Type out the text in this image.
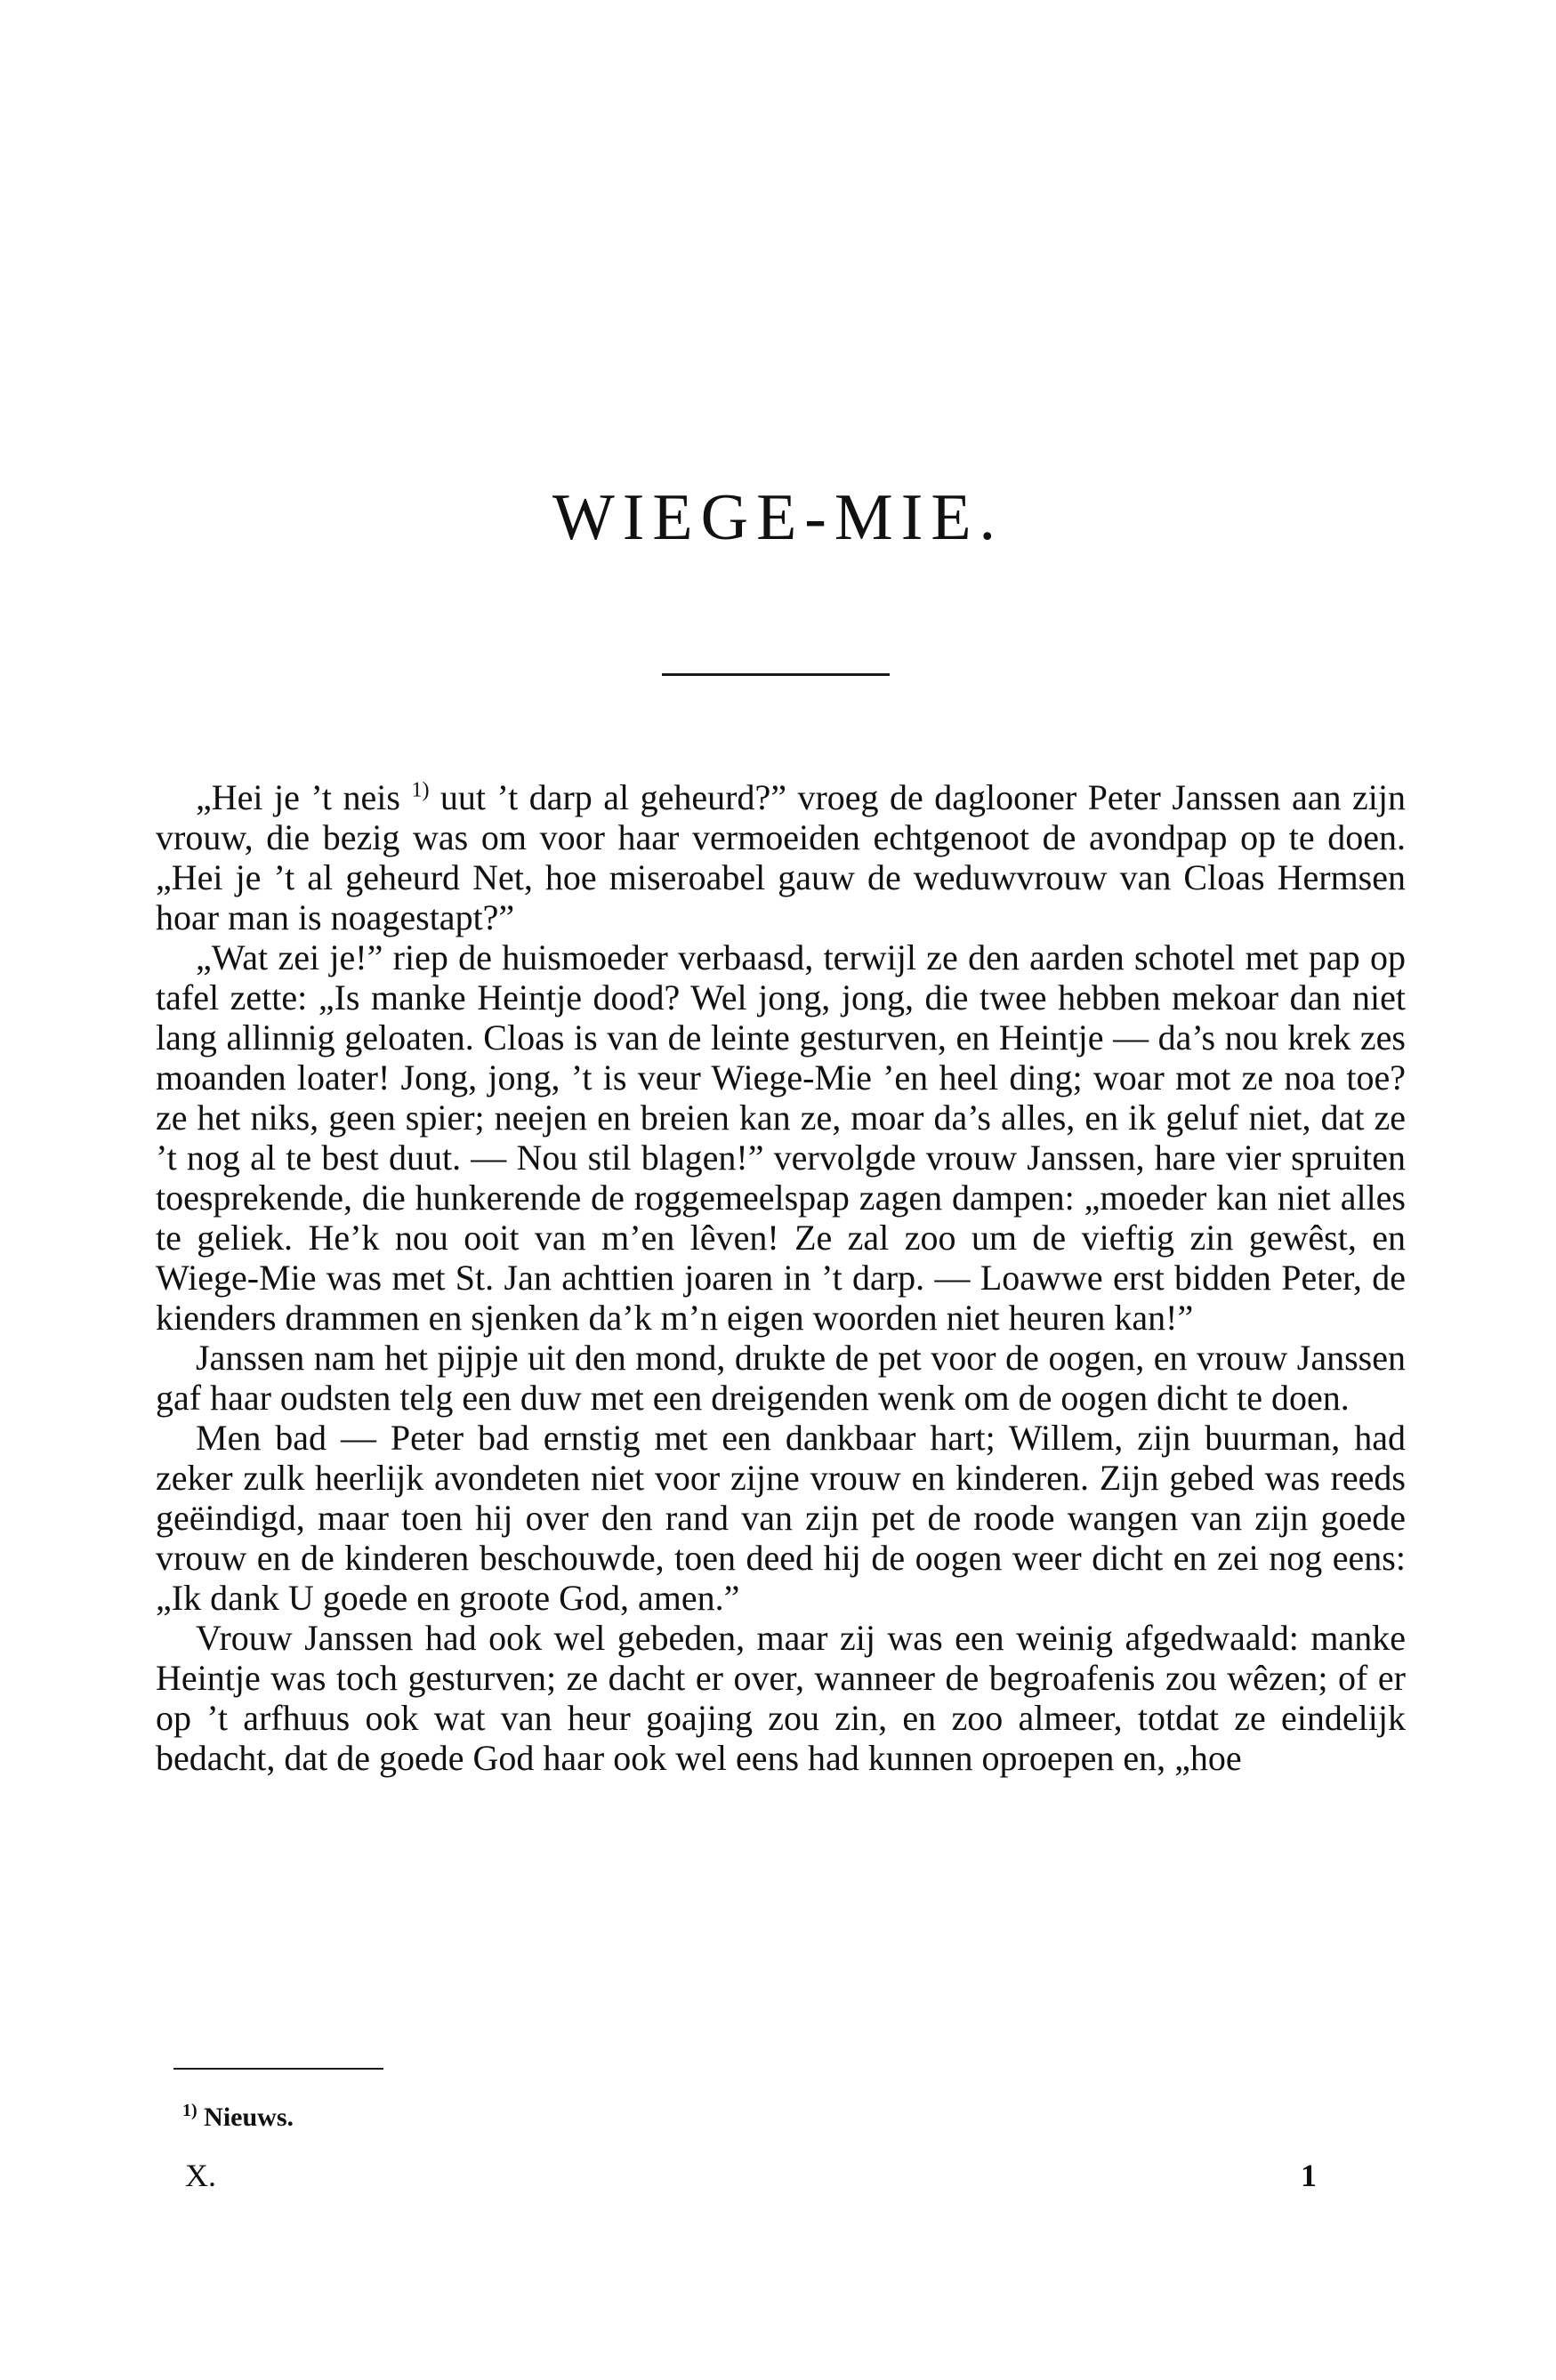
WIEGE-MIE.

„Hei je ’t neis $^{1)}$ uut ’t darp al geheurd?” vroeg de daglooner Peter Janssen aan zijn vrouw, die bezig was om voor haar vermoeiden echtgenoot de avondpap op te doen. „Hei je ’t al geheurd Net, hoe miseroabel gauw de weduwvrouw van Cloas Hermsen hoar man is noagestapt?”

„Wat zei je!” riep de huismoeder verbaasd, terwijl ze den aarden schotel met pap op tafel zette: „Is manke Heintje dood? Wel jong, jong, die twee hebben mekoar dan niet lang allinnig geloaten. Cloas is van de leinte gesturven, en Heintje — da’s nou krek zes moanden loater! Jong, jong, ’t is veur Wiege-Mie ’en heel ding; woar mot ze noa toe? ze het niks, geen spier; neejen en breien kan ze, moar da’s alles, en ik geluf niet, dat ze ’t nog al te best duut. — Nou stil blagen!” vervolgde vrouw Janssen, hare vier spruiten toesprekende, die hunkerende de roggemeelspap zagen dampen: „moeder kan niet alles te geliek. He’k nou ooit van m’en lêven! Ze zal zoo um de vieftig zin gewêst, en Wiege-Mie was met St. Jan achttien joaren in ’t darp. — Loawwe erst bidden Peter, de kienders drammen en sjenken da’k m’n eigen woorden niet heuren kan!”

Janssen nam het pijpje uit den mond, drukte de pet voor de oogen, en vrouw Janssen gaf haar oudsten telg een duw met een dreigenden wenk om de oogen dicht te doen.

Men bad — Peter bad ernstig met een dankbaar hart; Willem, zijn buurman, had zeker zulk heerlijk avondeten niet voor zijne vrouw en kinderen. Zijn gebed was reeds geëindigd, maar toen hij over den rand van zijn pet de roode wangen van zijn goede vrouw en de kinderen beschouwde, toen deed hij de oogen weer dicht en zei nog eens: „Ik dank U goede en groote God, amen.”

Vrouw Janssen had ook wel gebeden, maar zij was een weinig afgedwaald: manke Heintje was toch gesturven; ze dacht er over, wanneer de begroafenis zou wêzen; of er op ’t arfhuus ook wat van heur goajing zou zin, en zoo almeer, totdat ze eindelijk bedacht, dat de goede God haar ook wel eens had kunnen oproepen en, „hoe

$^{1)}$ Nieuws.
X.	1
